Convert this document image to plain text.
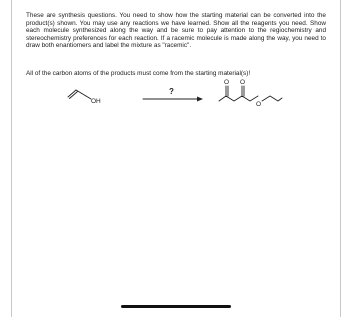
These are synthesis questions. You need to show how the starting material can be converted into the product(s) shown. You may use any reactions we have learned. Show all the reagents you need. Show each molecule synthesized along the way and be sure to pay attention to the regiochemistry and stereochemistry preferences for each reaction. If a racemic molecule is made along the way, you need to draw both enantiomers and label the mixture as "racemic".

All of the carbon atoms of the products must come from the starting material(s)!

OH
?
O O
O
